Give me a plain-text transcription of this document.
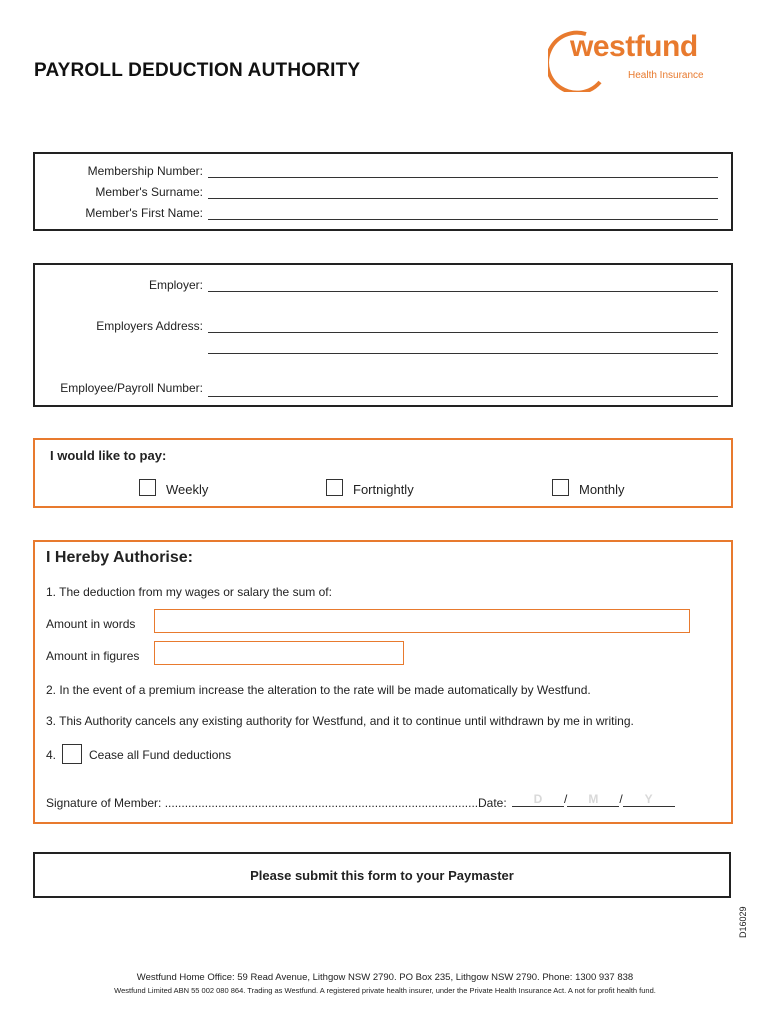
PAYROLL DEDUCTION AUTHORITY
westfund
Health Insurance
Membership Number:
Member's Surname:
Member's First Name:
Employer:
Employers Address:
Employee/Payroll Number:
I would like to pay:
Weekly	Fortnightly	Monthly
I Hereby Authorise:
1. The deduction from my wages or salary the sum of:
Amount in words
Amount in figures
2. In the event of a premium increase the alteration to the rate will be made automatically by Westfund.
3. This Authority cancels any existing authority for Westfund, and it to continue until withdrawn by me in writing.
4.	Cease all Fund deductions
Signature of Member: .............................................................................................. Date:	D / M / Y
Please submit this form to your Paymaster
D16029
Westfund Home Office: 59 Read Avenue, Lithgow NSW 2790. PO Box 235, Lithgow NSW 2790. Phone: 1300 937 838
Westfund Limited ABN 55 002 080 864. Trading as Westfund. A registered private health insurer, under the Private Health Insurance Act. A not for profit health fund.
